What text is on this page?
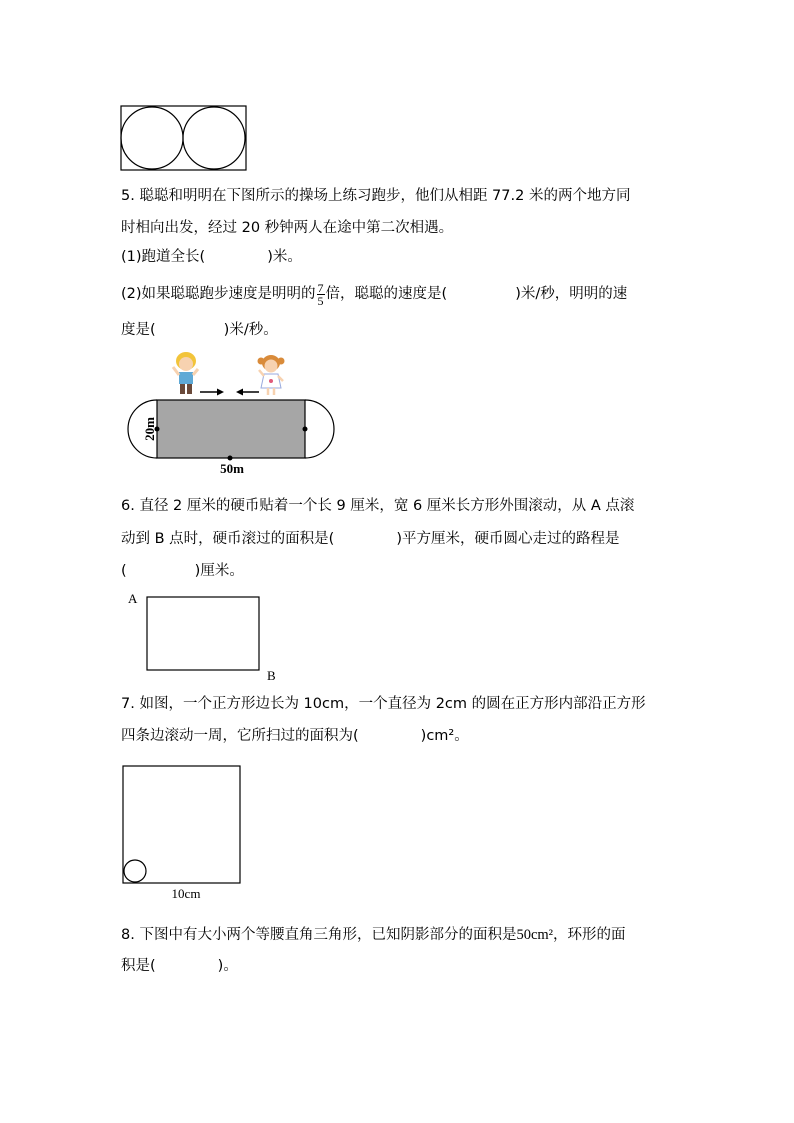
5. 聪聪和明明在下图所示的操场上练习跑步，他们从相距 77.2 米的两个地方同
时相向出发，经过 20 秒钟两人在途中第二次相遇。
(1)跑道全长(	)米。
(2)如果聪聪跑步速度是明明的 $\frac{7}{5}$ 倍，聪聪的速度是(	)米/秒，明明的速
度是(	)米/秒。
20m
50m
6. 直径 2 厘米的硬币贴着一个长 9 厘米，宽 6 厘米长方形外围滚动，从 A 点滚
动到 B 点时，硬币滚过的面积是(	)平方厘米，硬币圆心走过的路程是
(	)厘米。
A
B
7. 如图，一个正方形边长为 10cm，一个直径为 2cm 的圆在正方形内部沿正方形
四条边滚动一周，它所扫过的面积为(	)cm²。
10cm
8. 下图中有大小两个等腰直角三角形，已知阴影部分的面积是50cm²，环形的面
积是(	)。
